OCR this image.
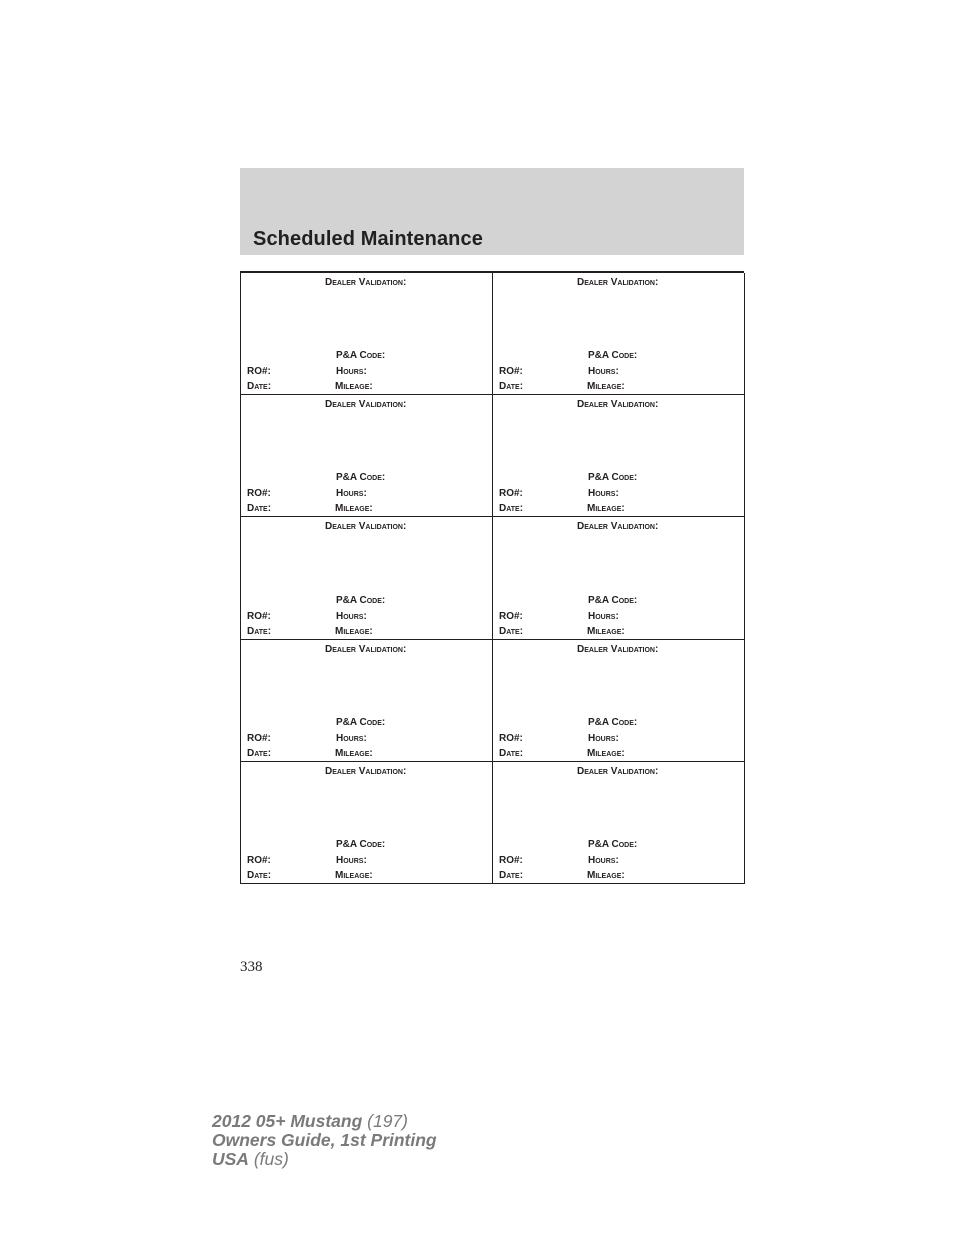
Scheduled Maintenance
Dealer Validation:
P&A Code:
RO#:	Hours:
Date:	Mileage:
Dealer Validation:
P&A Code:
RO#:	Hours:
Date:	Mileage:
Dealer Validation:
P&A Code:
RO#:	Hours:
Date:	Mileage:
Dealer Validation:
P&A Code:
RO#:	Hours:
Date:	Mileage:
Dealer Validation:
P&A Code:
RO#:	Hours:
Date:	Mileage:
Dealer Validation:
P&A Code:
RO#:	Hours:
Date:	Mileage:
Dealer Validation:
P&A Code:
RO#:	Hours:
Date:	Mileage:
Dealer Validation:
P&A Code:
RO#:	Hours:
Date:	Mileage:
Dealer Validation:
P&A Code:
RO#:	Hours:
Date:	Mileage:
Dealer Validation:
P&A Code:
RO#:	Hours:
Date:	Mileage:
338
2012 05+ Mustang (197)
Owners Guide, 1st Printing
USA (fus)
